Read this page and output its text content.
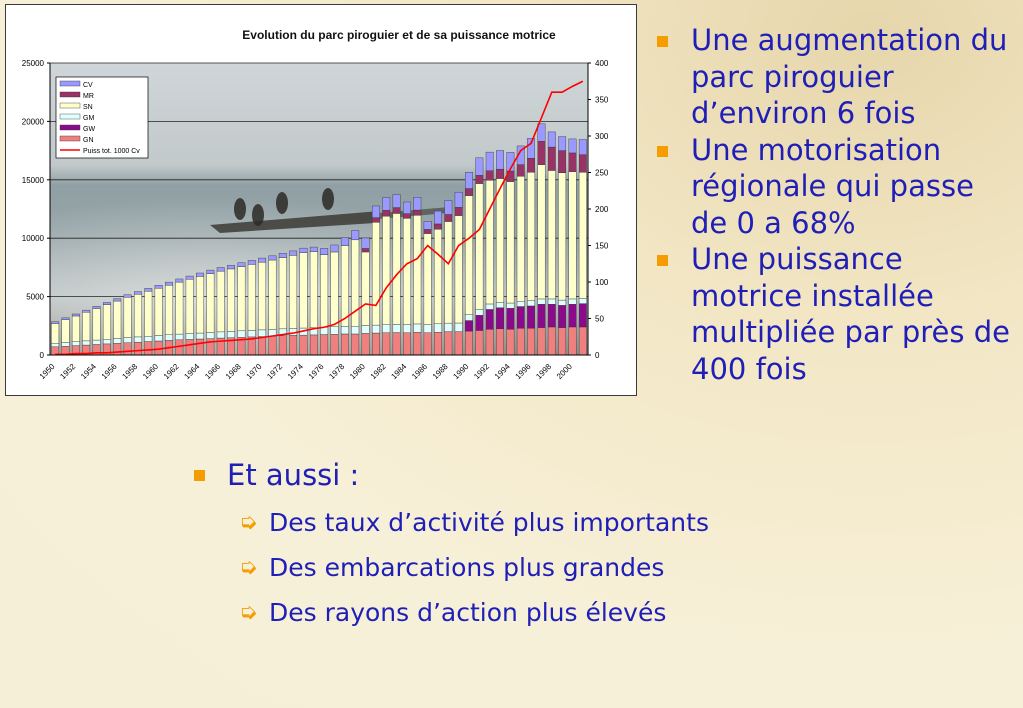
0
5000
10000
15000
20000
25000
0
50
100
150
200
250
300
350
400
1950 1952 1954 1956 1958 1960 1962 1964 1966 1968 1970 1972 1974 1976 1978 1980 1982 1984 1986 1988 1990 1992 1994 1996 1998 2000
CV
MR
SN
GM
GW
GN
Puiss tot. 1000 Cv
Evolution du parc piroguier et de sa puissance motrice	Une augmentation du parc piroguier d’environ 6 fois
Une motorisation régionale qui passe de 0 a 68%
Une puissance motrice installée multipliée par près de 400 fois
Et aussi :
➭ Des taux d’activité plus importants
➭ Des embarcations plus grandes
➭ Des rayons d’action plus élevés
